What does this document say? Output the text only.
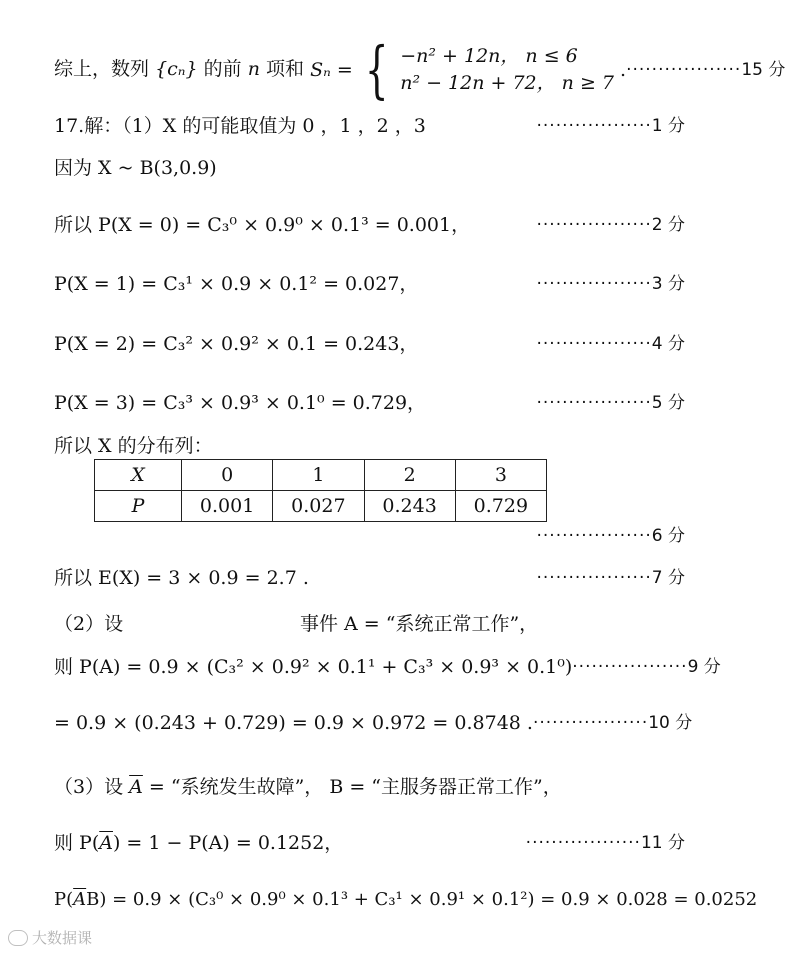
综上，数列 {cₙ} 的前 n 项和 Sₙ = { −n² + 12n， n ≤ 6
n² − 12n + 72， n ≥ 7
. ··················15 分
17.解：（1）X 的可能取值为 0 ，1 ，2 ，3	··················1 分
因为 X ~ B(3,0.9)
所以 P(X = 0) = C₃⁰ × 0.9⁰ × 0.1³ = 0.001，	··················2 分
P(X = 1) = C₃¹ × 0.9 × 0.1² = 0.027，	··················3 分
P(X = 2) = C₃² × 0.9² × 0.1 = 0.243，	··················4 分
P(X = 3) = C₃³ × 0.9³ × 0.1⁰ = 0.729，	··················5 分
所以 X 的分布列：
X	0	1	2	3
P	0.001	0.027	0.243	0.729
··················6 分
所以 E(X) = 3 × 0.9 = 2.7 .	··················7 分
（2）设	事件 A = “系统正常工作”，
则 P(A) = 0.9 × (C₃² × 0.9² × 0.1¹ + C₃³ × 0.9³ × 0.1⁰) ··················9 分
= 0.9 × (0.243 + 0.729) = 0.9 × 0.972 = 0.8748 . ··················10 分
（3）设 $\overline{A}$ = “系统发生故障”， B = “主服务器正常工作”，
则 $P(\overline{A}) = 1 - P(A) = 0.1252$，	··················11 分
$P(\overline{A}B) = 0.9 \times (C_3^0 \times 0.9^0 \times 0.1^3 + C_3^1 \times 0.9^1 \times 0.1^2) = 0.9 \times 0.028 = 0.0252$
大数据课
